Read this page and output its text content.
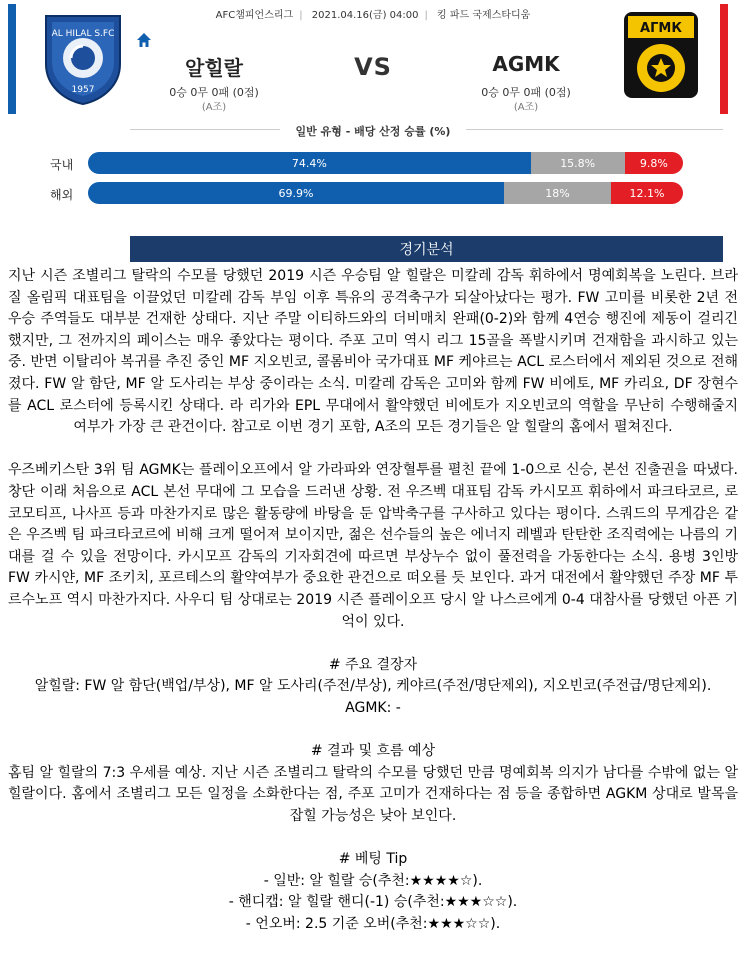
AFC챔피언스리그 | 2021.04.16(금) 04:00 | 킹 파드 국제스타디움
AL HILAL S.FC
1957
알힐랄
0승 0무 0패 (0점)
(A조)
VS	AGMK
0승 0무 0패 (0점)
(A조)
АГМК
일반 유형 - 배당 산정 승률 (%)
국내	74.4%	15.8%	9.8%
해외	69.9%	18%	12.1%
경기분석

지난 시즌 조별리그 탈락의 수모를 당했던 2019 시즌 우승팀 알 힐랄은 미칼레 감독 휘하에서 명예회복을 노린다. 브라질 올림픽 대표팀을 이끌었던 미칼레 감독 부임 이후 특유의 공격축구가 되살아났다는 평가. FW 고미를 비롯한 2년 전 우승 주역들도 대부분 건재한 상태다. 지난 주말 이티하드와의 더비매치 완패(0-2)와 함께 4연승 행진에 제동이 걸리긴 했지만, 그 전까지의 페이스는 매우 좋았다는 평이다. 주포 고미 역시 리그 15골을 폭발시키며 건재함을 과시하고 있는 중. 반면 이탈리아 복귀를 추진 중인 MF 지오빈코, 콜롬비아 국가대표 MF 케야르는 ACL 로스터에서 제외된 것으로 전해졌다. FW 알 함단, MF 알 도사리는 부상 중이라는 소식. 미칼레 감독은 고미와 함께 FW 비에토, MF 카리요, DF 장현수를 ACL 로스터에 등록시킨 상태다. 라 리가와 EPL 무대에서 활약했던 비에토가 지오빈코의 역할을 무난히 수행해줄지 여부가 가장 큰 관건이다. 참고로 이번 경기 포함, A조의 모든 경기들은 알 힐랄의 홈에서 펼쳐진다.

우즈베키스탄 3위 팀 AGMK는 플레이오프에서 알 가라파와 연장혈투를 펼친 끝에 1-0으로 신승, 본선 진출권을 따냈다. 창단 이래 처음으로 ACL 본선 무대에 그 모습을 드러낸 상황. 전 우즈벡 대표팀 감독 카시모프 휘하에서 파크타코르, 로코모티프, 나사프 등과 마찬가지로 많은 활동량에 바탕을 둔 압박축구를 구사하고 있다는 평이다. 스쿼드의 무게감은 같은 우즈벡 팀 파크타코르에 비해 크게 떨어져 보이지만, 젊은 선수들의 높은 에너지 레벨과 탄탄한 조직력에는 나름의 기대를 걸 수 있을 전망이다. 카시모프 감독의 기자회견에 따르면 부상누수 없이 풀전력을 가동한다는 소식. 용병 3인방 FW 카시얀, MF 조키치, 포르테스의 활약여부가 중요한 관건으로 떠오를 듯 보인다. 과거 대전에서 활약했던 주장 MF 투르수노프 역시 마찬가지다. 사우디 팀 상대로는 2019 시즌 플레이오프 당시 알 나스르에게 0-4 대참사를 당했던 아픈 기억이 있다.

# 주요 결장자
알힐랄: FW 알 함단(백업/부상), MF 알 도사리(주전/부상), 케야르(주전/명단제외), 지오빈코(주전급/명단제외).
AGMK: -
# 결과 및 흐름 예상

홈팀 알 힐랄의 7:3 우세를 예상. 지난 시즌 조별리그 탈락의 수모를 당했던 만큼 명예회복 의지가 남다를 수밖에 없는 알 힐랄이다. 홈에서 조별리그 모든 일정을 소화한다는 점, 주포 고미가 건재하다는 점 등을 종합하면 AGKM 상대로 발목을 잡힐 가능성은 낮아 보인다.

# 베팅 Tip
- 일반: 알 힐랄 승(추천:★★★★☆).
- 핸디캡: 알 힐랄 핸디(-1) 승(추천:★★★☆☆).
- 언오버: 2.5 기준 오버(추천:★★★☆☆).
